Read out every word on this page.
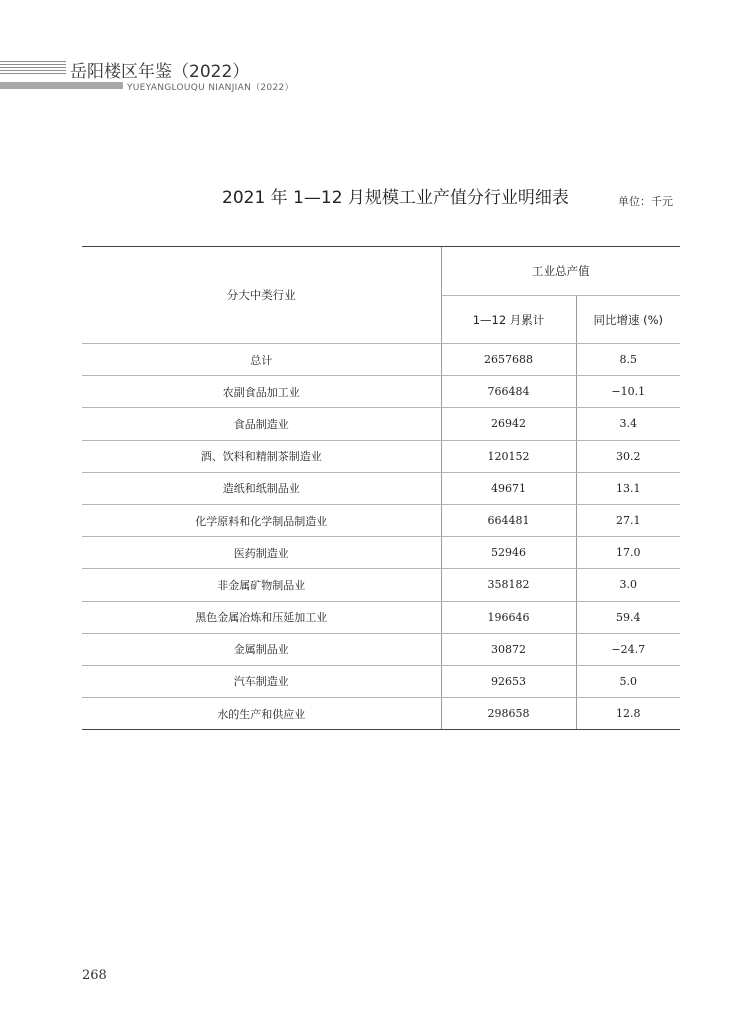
岳阳楼区年鉴（2022）
YUEYANGLOUQU NIANJIAN（2022）
2021 年 1—12 月规模工业产值分行业明细表	单位：千元
分大中类行业	工业总产值	
	1—12 月累计	同比增速 (%)
总计	2657688	8.5
农副食品加工业	766484	−10.1
食品制造业	26942	3.4
酒、饮料和精制茶制造业	120152	30.2
造纸和纸制品业	49671	13.1
化学原料和化学制品制造业	664481	27.1
医药制造业	52946	17.0
非金属矿物制品业	358182	3.0
黑色金属冶炼和压延加工业	196646	59.4
金属制品业	30872	−24.7
汽车制造业	92653	5.0
水的生产和供应业	298658	12.8
268
